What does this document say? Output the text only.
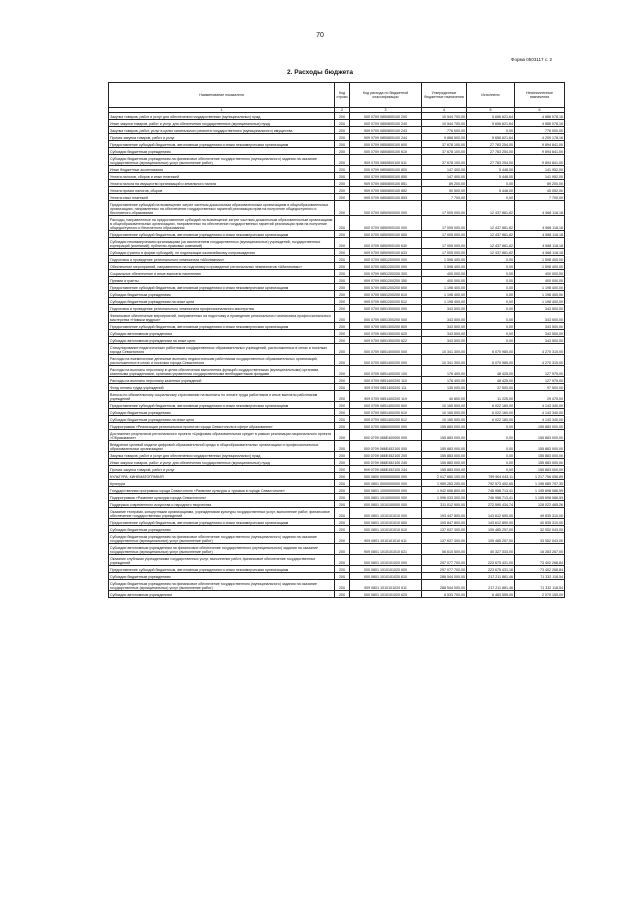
70
Форма 0503117 с. 2
2. Расходы бюджета
Наименование показателя	Код строки	Код расхода по бюджетной классификации	Утвержденные бюджетные назначения	Исполнено	Неисполненные назначения
1	2	3	4	5	6
Закупка товаров, работ и услуг для обеспечения государственных (муниципальных) нужд	200	000 0709 0850800100 200	10 544 700,00	5 656 621,64	4 888 078,16
Иные закупки товаров, работ и услуг для обеспечения государственных (муниципальных) нужд	200	000 0709 0850800100 240	10 544 700,00	5 656 621,64	4 888 078,16
Закупка товаров, работ, услуг в целях капитального ремонта государственного (муниципального) имущества	200	909 0709 0850800100 243	776 000,00	0,00	776 000,00
Прочая закупка товаров, работ и услуг	200	909 0709 0850800100 244	9 868 500,00	5 656 621,64	4 209 178,16
Предоставление субсидий бюджетным, автономным учреждениям и иным некоммерческим организациям	200	000 0709 0850800100 600	37 678 100,00	27 783 254,00	9 894 841,00
Субсидии бюджетным учреждениям	200	000 0709 0850800100 610	37 678 100,00	27 783 254,00	9 894 841,00
Субсидии бюджетным учреждениям на финансовое обеспечение государственного (муниципального) задания на оказание государственных (муниципальных) услуг (выполнение работ)	200	909 0709 0850800100 611	37 678 100,00	27 783 254,00	9 894 841,00
Иные бюджетные ассигнования	200	000 0709 0850800100 800	147 400,00	5 448,00	141 952,00
Уплата налогов, сборов и иных платежей	200	000 0709 0850800100 850	147 400,00	5 448,00	141 952,00
Уплата налога на имущество организаций и земельного налога	200	909 0709 0850800100 851	89 200,00	0,00	89 200,00
Уплата прочих налогов, сборов	200	909 0709 0850800100 852	50 500,00	5 448,00	45 052,00
Уплата иных платежей	200	909 0709 0850800100 853	7 700,00	0,00	7 700,00
Предоставление субсидий на возмещение затрат частным дошкольным образовательным организациям в общеобразовательных организациях, направленных на обеспечение государственных гарантий реализации прав на получение общедоступного и бесплатного образования	200	000 0709 0850900000 000	17 005 000,00	12 437 881,82	4 568 118,18
Расходы, направленные на предоставление субсидий на возмещение затрат частным дошкольным образовательным организациям в общеобразовательных организациях, направленных на обеспечение государственных гарантий реализации прав на получение общедоступного и бесплатного образования	200	000 0709 0850900100 000	17 005 000,00	12 437 881,82	4 568 118,18
Предоставление субсидий бюджетным, автономным учреждениям и иным некоммерческим организациям	200	000 0709 0850900100 600	17 005 000,00	12 437 881,82	4 568 118,18
Субсидии некоммерческим организациям (за исключением государственных (муниципальных) учреждений, государственных корпораций (компаний), публично-правовых компаний)	200	000 0709 0850900100 630	17 005 000,00	12 437 881,82	4 568 118,18
Субсидии (гранты в форме субсидий), не подлежащие казначейскому сопровождению	200	909 0709 0850900100 633	17 005 000,00	12 437 881,82	4 568 118,18
Подготовка и проведение регионального чемпионата «Абилимпикс»	200	000 0709 0851200000 000	1 598 400,00	0,00	1 598 400,00
Обеспечение мероприятий, направленных на подготовку и проведение региональных чемпионатов «Абилимпикс»	200	000 0709 0851200200 000	1 598 400,00	0,00	1 598 400,00
Социальное обеспечение и иные выплаты населению	200	000 0709 0851200200 300	400 000,00	0,00	400 000,00
Премии и гранты	200	909 0709 0851200200 350	400 000,00	0,00	400 000,00
Предоставление субсидий бюджетным, автономным учреждениям и иным некоммерческим организациям	200	000 0709 0851200200 600	1 198 400,00	0,00	1 198 400,00
Субсидии бюджетным учреждениям	200	000 0709 0851200200 610	1 198 400,00	0,00	1 198 400,00
Субсидии бюджетным учреждениям на иные цели	200	909 0709 0851200200 612	1 198 400,00	0,00	1 198 400,00
Подготовка и проведение регионального чемпионата профессионального мастерства	200	000 0709 0851300000 000	343 500,00	0,00	343 500,00
Финансовое обеспечение мероприятий, направленных на подготовку и проведение регионального чемпионата профессионального мастерства «Навыки мудрых»	200	000 0709 0851300200 000	343 500,00	0,00	343 500,00
Предоставление субсидий бюджетным, автономным учреждениям и иным некоммерческим организациям	200	000 0709 0851300200 600	343 500,00	0,00	343 500,00
Субсидии автономным учреждениям	200	000 0709 0851300200 620	343 500,00	0,00	343 500,00
Субсидии автономным учреждениям на иные цели	200	909 0709 0851300200 622	343 500,00	0,00	343 500,00
Стимулирование педагогических работников государственных образовательных учреждений, расположенных в селах и поселках города Севастополя	200	000 0709 0851400000 000	10 341 300,00	6 070 985,00	4 270 315,00
Расходы на ежемесячные денежные выплаты педагогическим работникам государственных образовательных организаций, расположенных в селах и поселках города Севастополя	200	000 0709 0851400200 000	10 341 300,00	6 070 985,00	4 270 315,00
Расходы на выплаты персоналу в целях обеспечения выполнения функций государственными (муниципальными) органами, казенными учреждениями, органами управления государственными внебюджетными фондами	200	000 0709 0851400200 100	176 400,00	48 425,00	127 975,00
Расходы на выплаты персоналу казенных учреждений	200	000 0709 0851400200 110	176 400,00	48 425,00	127 975,00
Фонд оплаты труда учреждений	200	909 0709 0851400200 111	135 000,00	37 500,00	97 500,00
Взносы по обязательному социальному страхованию на выплаты по оплате труда работников и иные выплаты работникам учреждений	200	909 0709 0851400200 119	40 800,00	11 225,00	29 475,00
Предоставление субсидий бюджетным, автономным учреждениям и иным некоммерческим организациям	200	000 0709 0851400200 600	10 165 500,00	6 022 160,00	4 143 340,00
Субсидии бюджетным учреждениям	200	000 0709 0851400200 610	10 165 500,00	6 022 160,00	4 143 340,00
Субсидии бюджетным учреждениям на иные цели	200	909 0709 0851400200 612	10 165 500,00	6 022 160,00	4 143 340,00
Подпрограмма «Реализация региональных проектов города Севастополя в сфере образования»	200	000 0709 0860000000 000	155 883 000,00	0,00	155 883 000,00
Достижение результатов регионального проекта «Цифровая образовательная среда» в рамках реализации национального проекта «Образование»	200	000 0709 086E400000 000	155 883 000,00	0,00	155 883 000,00
Внедрение целевой модели цифровой образовательной среды в общеобразовательных организациях и профессиональных образовательных организациях	200	000 0709 086E452100 000	155 883 000,00	0,00	155 883 000,00
Закупка товаров, работ и услуг для обеспечения государственных (муниципальных) нужд	200	000 0709 086E452100 200	155 883 000,00	0,00	155 883 000,00
Иные закупки товаров, работ и услуг для обеспечения государственных (муниципальных) нужд	200	000 0709 086E452100 240	155 883 000,00	0,00	155 883 000,00
Прочая закупка товаров, работ и услуг	200	909 0709 086E452100 244	155 883 000,00	0,00	155 883 000,00
КУЛЬТУРА, КИНЕМАТОГРАФИЯ	200	000 0800 0000000000 000	2 017 660 100,00	799 904 043,11	1 217 756 056,89
Культура	200	000 0801 0000000000 000	1 989 263 200,00	792 573 402,65	1 196 689 797,35
Государственная программа города Севастополя «Развитие культуры и туризма в городе Севастополе»	200	000 0801 1000000000 000	1 942 656 800,00	746 958 713,41	1 195 698 086,59
Подпрограмма «Развитие культуры города Севастополя»	200	000 0801 1010000000 000	1 096 033 300,00	746 958 713,41	1 195 698 086,59
Поддержка современного искусства и народного творчества	200	000 0801 1010100000 000	311 012 900,00	272 590 434,74	128 022 465,26
Оказание театрами, концертными организациями, учреждениями культуры государственных услуг, выполнение работ, финансовое обеспечение государственных учреждений	200	000 0801 1010101010 000	193 447 800,00	143 612 690,00	49 835 310,00
Предоставление субсидий бюджетным, автономным учреждениям и иным некоммерческим организациям	200	000 0801 1010101010 600	193 847 800,00	143 612 890,00	40 835 310,00
Субсидии бюджетным учреждениям	200	000 0801 1010101010 610	137 637 300,00	105 485 257,00	32 052 043,00
Субсидии бюджетным учреждениям на финансовое обеспечение государственного (муниципального) задания на оказание государственных (муниципальных) услуг (выполнение работ)	200	909 0801 1010101010 611	137 637 300,00	105 485 257,00	33 052 043,00
Субсидии автономным учреждениям на финансовое обеспечение государственного (муниципального) задания на оказание государственных (муниципальных) услуг (выполнение работ)	200	909 0801 1010101010 621	56 610 500,00	40 327 333,00	16 283 267,00
Оказание клубными учреждениями государственных услуг, выполнение работ, финансовое обеспечение государственных учреждений	200	000 0801 1010101020 000	297 077 700,00	223 675 431,00	73 402 268,84
Предоставление субсидий бюджетным, автономным учреждениям и иным некоммерческим организациям	200	000 0801 1010101020 600	297 077 700,00	223 675 431,16	73 402 268,84
Субсидии бюджетным учреждениям	200	000 0801 1010101020 610	288 544 000,00	217 211 881,46	71 332 118,54
Субсидии бюджетным учреждениям на финансовое обеспечение государственного (муниципального) задания на оказание государственных (муниципальных) услуг (выполнение работ)	200	909 0801 1010101020 611	288 544 000,00	217 211 881,46	71 332 118,54
Субсидии автономным учреждениям	200	000 0801 1010101020 620	8 533 700,00	6 463 559,00	2 070 150,00
